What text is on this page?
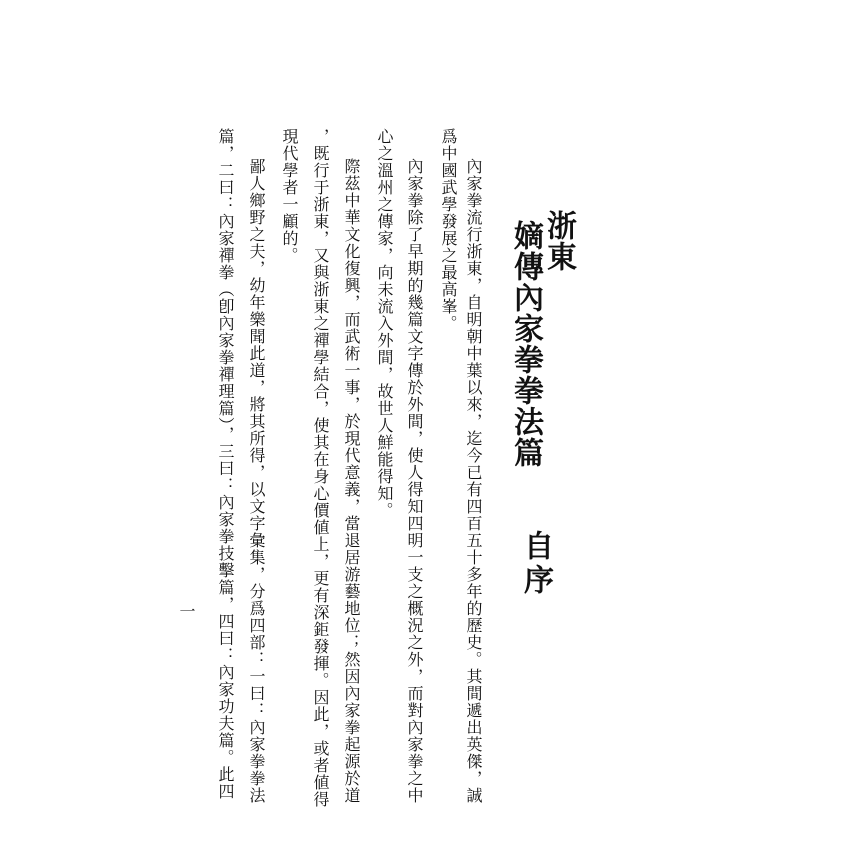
浙東
嫡傳內家拳拳法篇
自序
內家拳流行浙東，自明朝中葉以來，迄今已有四百五十多年的歷史。其間遞出英傑，誠
爲中國武學發展之最高峯。
內家拳除了早期的幾篇文字傳於外間，使人得知四明一支之概況之外，而對內家拳之中
心之溫州之傳家，向未流入外間，故世人鮮能得知。
際茲中華文化復興，而武術一事，於現代意義，當退居游藝地位；然因內家拳起源於道
，既行于浙東，又與浙東之禪學結合，使其在身心價値上，更有深鉅發揮。因此，或者値得
現代學者一顧的。
鄙人鄉野之夫，幼年樂聞此道，將其所得，以文字彙集，分爲四部：一曰：內家拳拳法
篇，二曰：內家禪拳（卽內家拳禪理篇），三曰：內家拳技擊篇，四曰：內家功夫篇。此四
一
